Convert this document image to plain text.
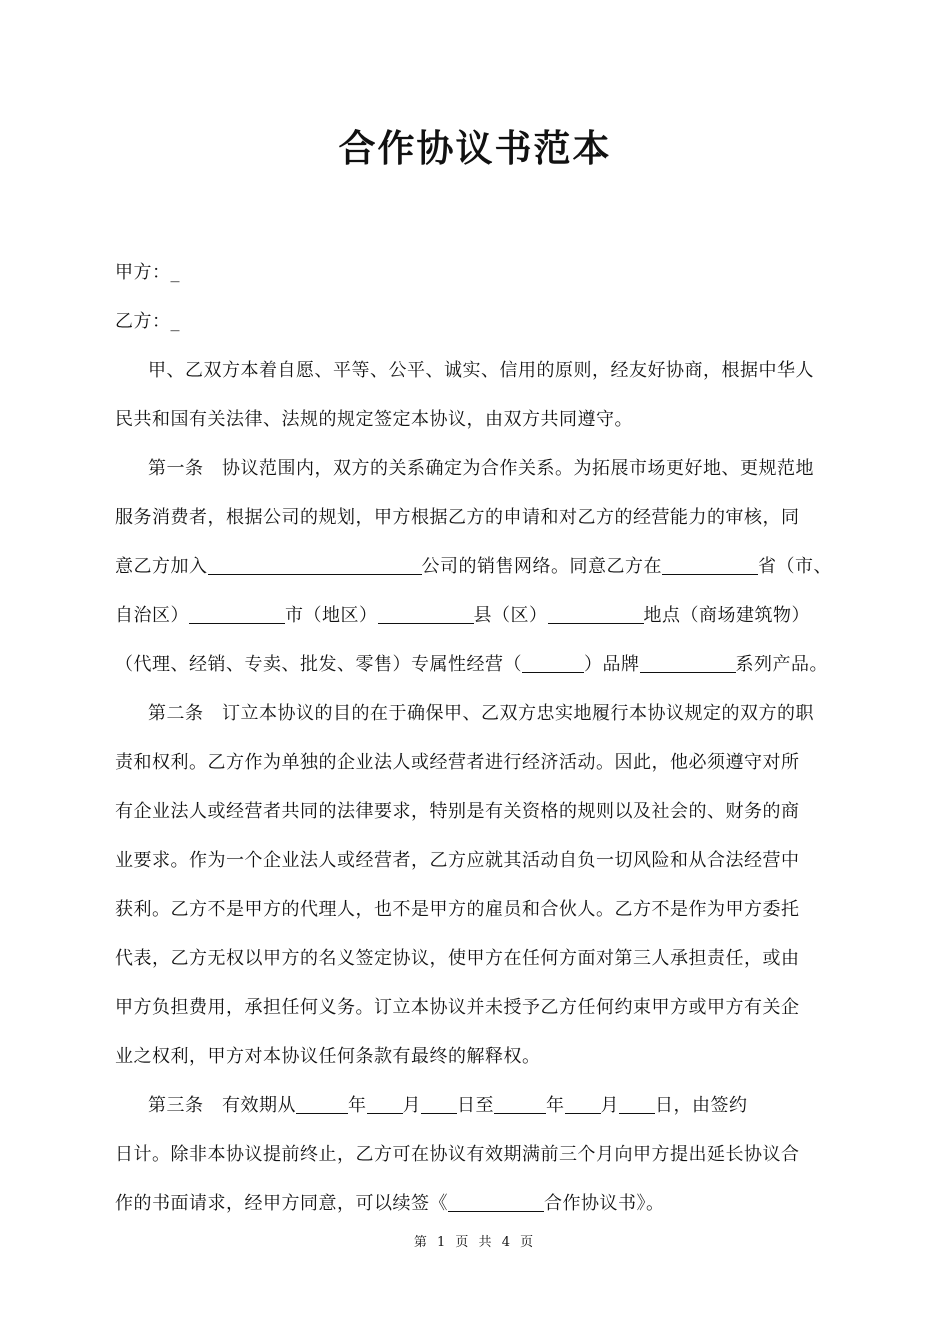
合作协议书范本

甲方：_

乙方：_

甲、乙双方本着自愿、平等、公平、诚实、信用的原则，经友好协商，根据中华人

民共和国有关法律、法规的规定签定本协议，由双方共同遵守。

第一条　协议范围内，双方的关系确定为合作关系。为拓展市场更好地、更规范地

服务消费者，根据公司的规划，甲方根据乙方的申请和对乙方的经营能力的审核，同

意乙方加入	公司的销售网络。同意乙方在	省（市、

自治区）	市（地区）	县（区）	地点（商场建筑物）

（代理、经销、专卖、批发、零售）专属性经营（	）品牌	系列产品。

第二条　订立本协议的目的在于确保甲、乙双方忠实地履行本协议规定的双方的职

责和权利。乙方作为单独的企业法人或经营者进行经济活动。因此，他必须遵守对所

有企业法人或经营者共同的法律要求，特别是有关资格的规则以及社会的、财务的商

业要求。作为一个企业法人或经营者，乙方应就其活动自负一切风险和从合法经营中

获利。乙方不是甲方的代理人，也不是甲方的雇员和合伙人。乙方不是作为甲方委托

代表，乙方无权以甲方的名义签定协议，使甲方在任何方面对第三人承担责任，或由

甲方负担费用，承担任何义务。订立本协议并未授予乙方任何约束甲方或甲方有关企

业之权利，甲方对本协议任何条款有最终的解释权。

第三条　有效期从	年 月 日至	年 月 日，由签约

日计。除非本协议提前终止，乙方可在协议有效期满前三个月向甲方提出延长协议合

作的书面请求，经甲方同意，可以续签《	合作协议书》。

第 1 页 共 4 页
